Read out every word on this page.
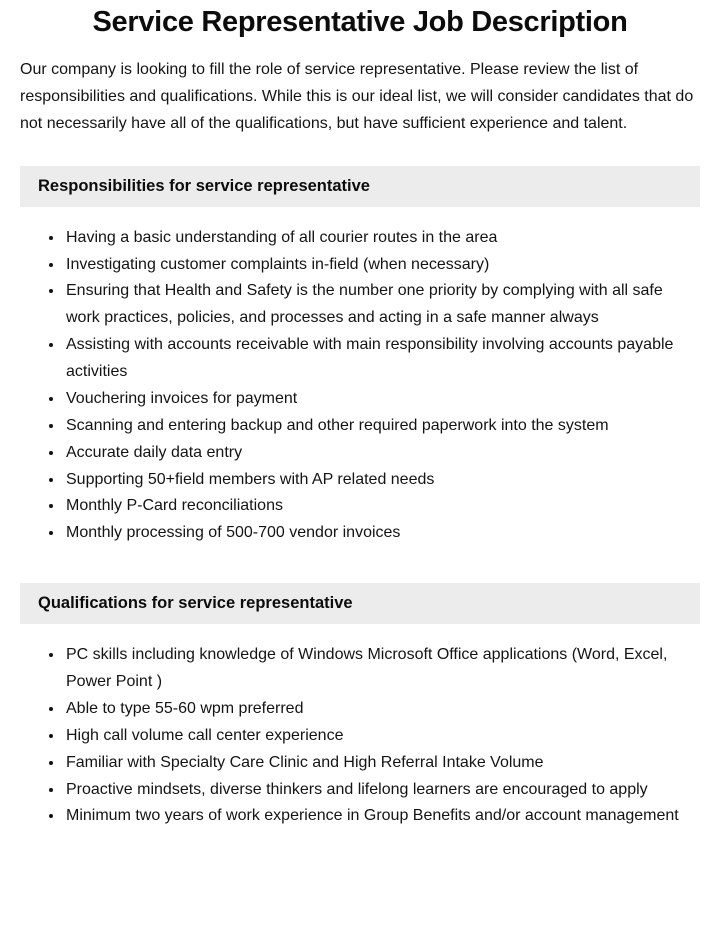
Service Representative Job Description

Our company is looking to fill the role of service representative. Please review the list of responsibilities and qualifications. While this is our ideal list, we will consider candidates that do not necessarily have all of the qualifications, but have sufficient experience and talent.

Responsibilities for service representative
• Having a basic understanding of all courier routes in the area
• Investigating customer complaints in-field (when necessary)
• Ensuring that Health and Safety is the number one priority by complying with all safe work practices, policies, and processes and acting in a safe manner always
• Assisting with accounts receivable with main responsibility involving accounts payable activities
• Vouchering invoices for payment
• Scanning and entering backup and other required paperwork into the system
• Accurate daily data entry
• Supporting 50+field members with AP related needs
• Monthly P-Card reconciliations
• Monthly processing of 500-700 vendor invoices
Qualifications for service representative
• PC skills including knowledge of Windows Microsoft Office applications (Word, Excel, Power Point )
• Able to type 55-60 wpm preferred
• High call volume call center experience
• Familiar with Specialty Care Clinic and High Referral Intake Volume
• Proactive mindsets, diverse thinkers and lifelong learners are encouraged to apply
• Minimum two years of work experience in Group Benefits and/or account management
